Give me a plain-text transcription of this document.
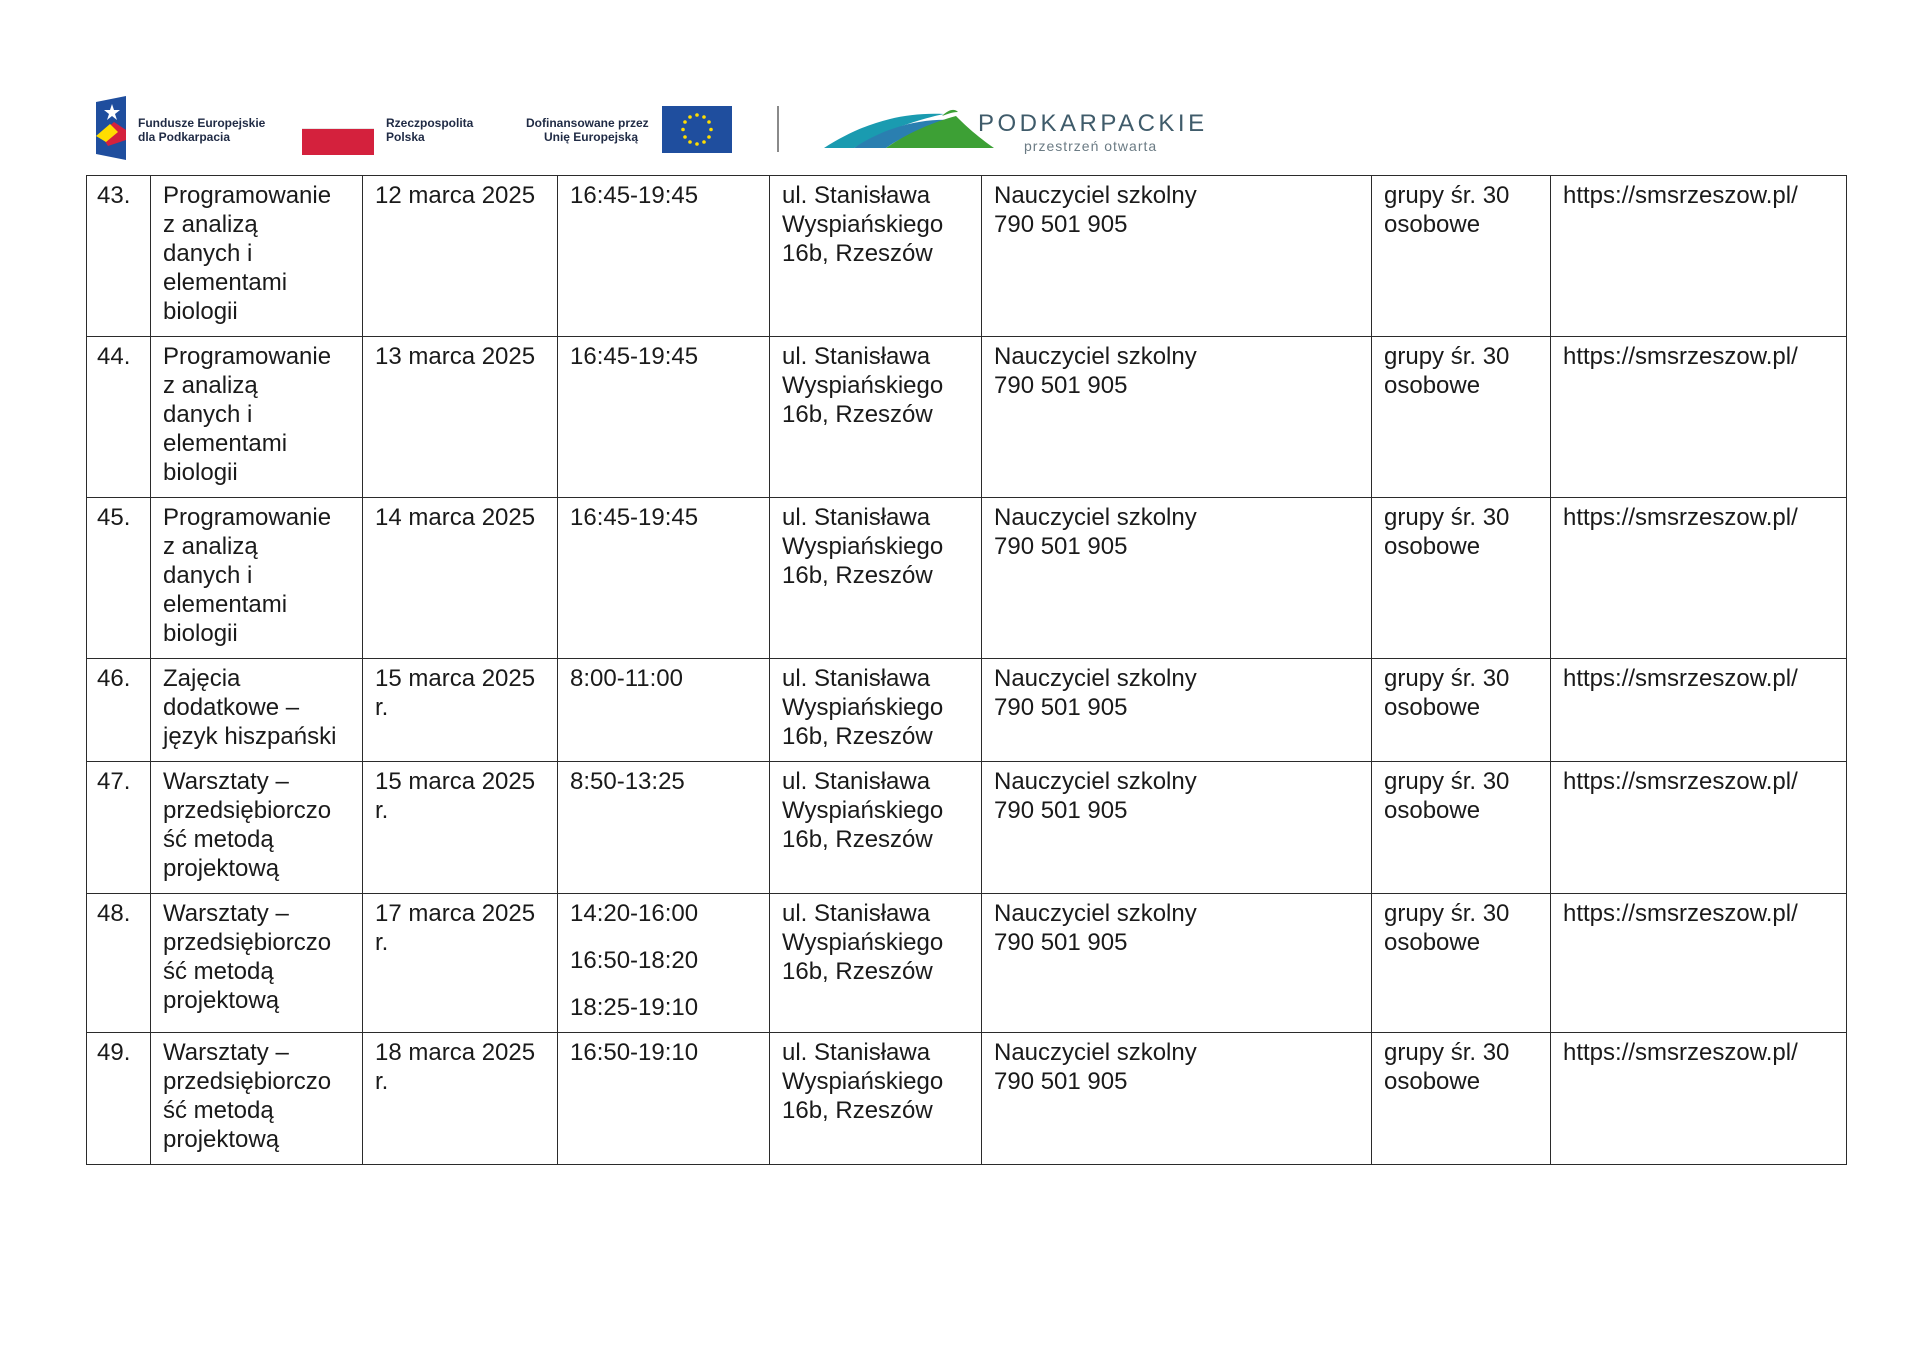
Fundusze Europejskie
dla Podkarpacia
Rzeczpospolita
Polska
Dofinansowane przez
Unię Europejską	PODKARPACKIE
przestrzeń otwarta
43.	Programowanie
z analizą
danych i
elementami
biologii	12 marca 2025	16:45-19:45	ul. Stanisława
Wyspiańskiego
16b, Rzeszów	Nauczyciel szkolny
790 501 905	grupy śr. 30
osobowe	https://smsrzeszow.pl/
44.	Programowanie
z analizą
danych i
elementami
biologii	13 marca 2025	16:45-19:45	ul. Stanisława
Wyspiańskiego
16b, Rzeszów	Nauczyciel szkolny
790 501 905	grupy śr. 30
osobowe	https://smsrzeszow.pl/
45.	Programowanie
z analizą
danych i
elementami
biologii	14 marca 2025	16:45-19:45	ul. Stanisława
Wyspiańskiego
16b, Rzeszów	Nauczyciel szkolny
790 501 905	grupy śr. 30
osobowe	https://smsrzeszow.pl/
46.	Zajęcia
dodatkowe –
język hiszpański	15 marca 2025
r.	8:00-11:00	ul. Stanisława
Wyspiańskiego
16b, Rzeszów	Nauczyciel szkolny
790 501 905	grupy śr. 30
osobowe	https://smsrzeszow.pl/
47.	Warsztaty –
przedsiębiorczo
ść metodą
projektową	15 marca 2025
r.	8:50-13:25	ul. Stanisława
Wyspiańskiego
16b, Rzeszów	Nauczyciel szkolny
790 501 905	grupy śr. 30
osobowe	https://smsrzeszow.pl/
48.	Warsztaty –
przedsiębiorczo
ść metodą
projektową	17 marca 2025
r.	14:20-16:00
16:50-18:20
18:25-19:10	ul. Stanisława
Wyspiańskiego
16b, Rzeszów	Nauczyciel szkolny
790 501 905	grupy śr. 30
osobowe	https://smsrzeszow.pl/
49.	Warsztaty –
przedsiębiorczo
ść metodą
projektową	18 marca 2025
r.	16:50-19:10	ul. Stanisława
Wyspiańskiego
16b, Rzeszów	Nauczyciel szkolny
790 501 905	grupy śr. 30
osobowe	https://smsrzeszow.pl/
